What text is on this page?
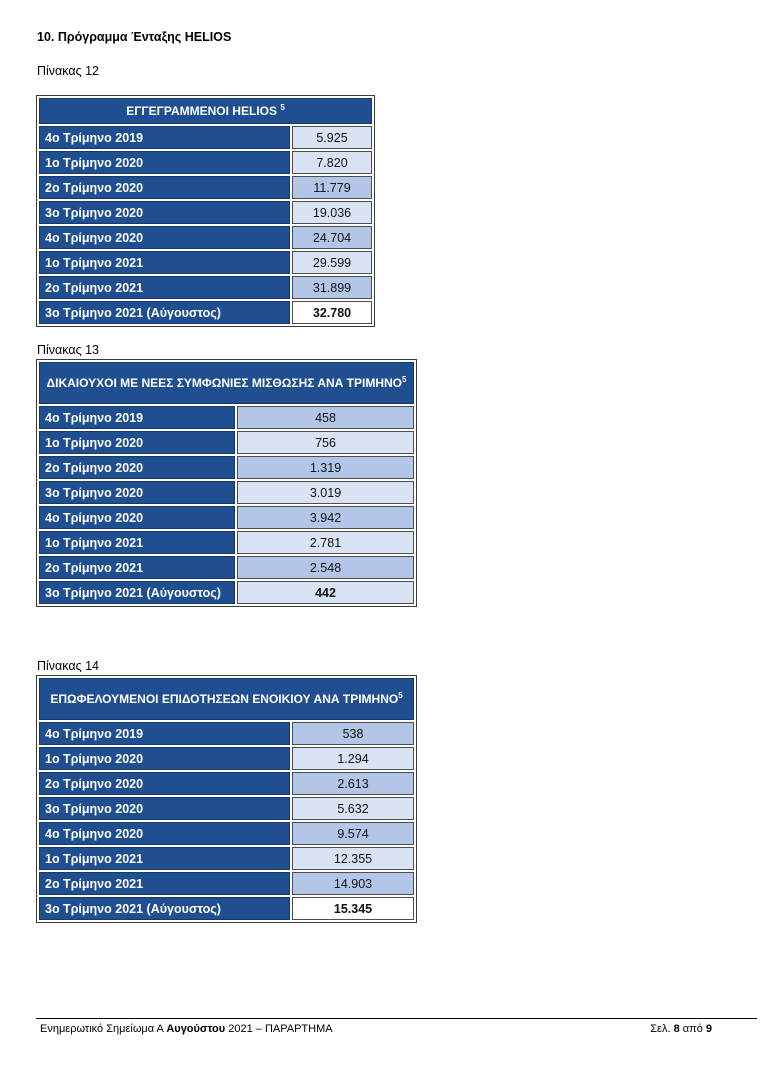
10. Πρόγραμμα Ένταξης HELIOS
Πίνακας 12
ΕΓΓΕΓΡΑΜΜΕΝΟΙ HELIOS $^5$
4ο Τρίμηνο 2019	5.925
1ο Τρίμηνο 2020	7.820
2ο Τρίμηνο 2020	11.779
3ο Τρίμηνο 2020	19.036
4ο Τρίμηνο 2020	24.704
1ο Τρίμηνο 2021	29.599
2ο Τρίμηνο 2021	31.899
3ο Τρίμηνο 2021 (Αύγουστος)	32.780
Πίνακας 13
ΔΙΚΑΙΟΥΧΟΙ ΜΕ ΝΕΕΣ ΣΥΜΦΩΝΙΕΣ ΜΙΣΘΩΣΗΣ ΑΝΑ ΤΡΙΜΗΝΟ$^5$
4ο Τρίμηνο 2019	458
1ο Τρίμηνο 2020	756
2ο Τρίμηνο 2020	1.319
3ο Τρίμηνο 2020	3.019
4ο Τρίμηνο 2020	3.942
1ο Τρίμηνο 2021	2.781
2ο Τρίμηνο 2021	2.548
3ο Τρίμηνο 2021 (Αύγουστος)	442
Πίνακας 14
ΕΠΩΦΕΛΟΥΜΕΝΟΙ ΕΠΙΔΟΤΗΣΕΩΝ ΕΝΟΙΚΙΟΥ ΑΝΑ ΤΡΙΜΗΝΟ$^5$
4ο Τρίμηνο 2019	538
1ο Τρίμηνο 2020	1.294
2ο Τρίμηνο 2020	2.613
3ο Τρίμηνο 2020	5.632
4ο Τρίμηνο 2020	9.574
1ο Τρίμηνο 2021	12.355
2ο Τρίμηνο 2021	14.903
3ο Τρίμηνο 2021 (Αύγουστος)	15.345
Ενημερωτικό Σημείωμα Α Αυγούστου 2021 – ΠΑΡΑΡΤΗΜΑ	Σελ. 8 από 9
